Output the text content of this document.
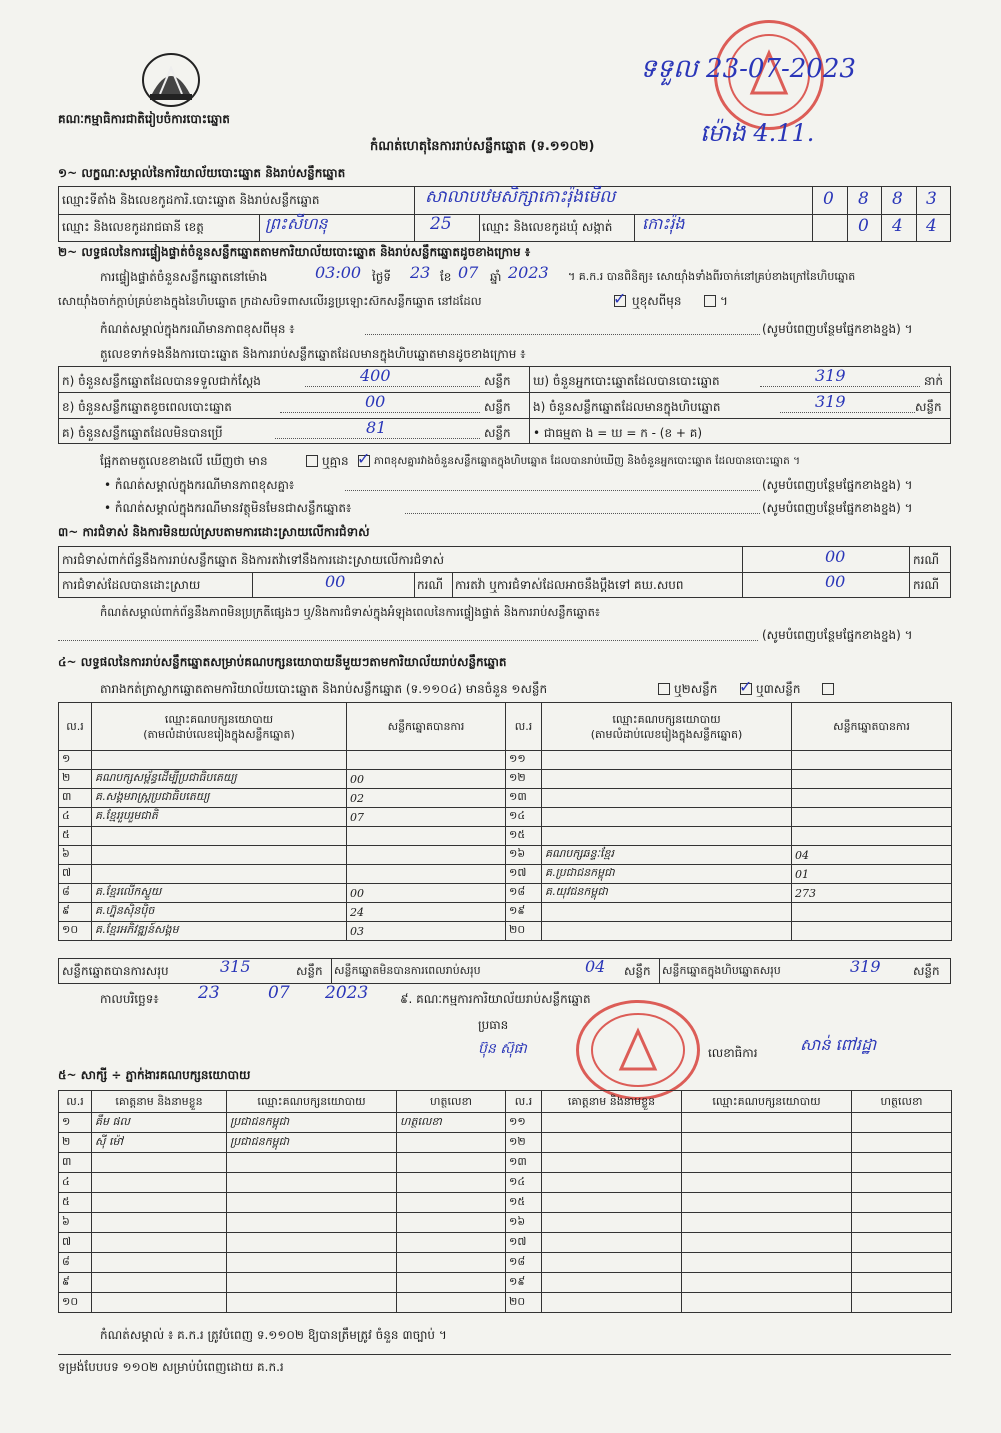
គណៈកម្មាធិការជាតិរៀបចំការបោះឆ្នោត
ទទួល 23-07-2023
ម៉ោង 4.11.
កំណត់ហេតុនៃការរាប់សន្លឹកឆ្នោត (ទ.១១០២)
១~ លក្ខណៈសម្គាល់នៃការិយាល័យបោះឆ្នោត និងរាប់សន្លឹកឆ្នោត
ឈ្មោះទីតាំង និងលេខកូដការិ.បោះឆ្នោត និងរាប់សន្លឹកឆ្នោត	សាលាបឋមសិក្សាកោះរ៉ុងមើល	0 8 8 3
ឈ្មោះ និងលេខកូដរាជធានី ខេត្ត	ព្រះសីហនុ	25	ឈ្មោះ និងលេខកូដឃុំ សង្កាត់ កោះរ៉ុង	0 4 4
២~ លទ្ធផលនៃការផ្ទៀងផ្ទាត់ចំនួនសន្លឹកឆ្នោតតាមការិយាល័យបោះឆ្នោត និងរាប់សន្លឹកឆ្នោតដូចខាងក្រោម ៖
ការផ្ទៀងផ្ទាត់ចំនួនសន្លឹកឆ្នោតនៅម៉ោង	03:00 ថ្ងៃទី 23 ខែ 07 ឆ្នាំ 2023 ។ គ.ក.រ បានពិនិត្យ៖ សោយ៉ាំងទាំងពីរចាក់នៅគ្រប់ខាងក្រៅនៃហិបឆ្នោត
សោយ៉ាំងចាក់ក្តាប់គ្រប់ខាងក្នុងនៃហិបឆ្នោត ក្រដាសបិទពាសលើរន្ធប្រឡោះស៊កសន្លឹកឆ្នោត នៅដដែល	✓ ឬខុសពីមុន	។
កំណត់សម្គាល់ក្នុងករណីមានភាពខុសពីមុន ៖	(សូមបំពេញបន្ថែមផ្នែកខាងខ្នង) ។
តួលេខទាក់ទងនឹងការបោះឆ្នោត និងការរាប់សន្លឹកឆ្នោតដែលមានក្នុងហិបឆ្នោតមានដូចខាងក្រោម ៖
ក) ចំនួនសន្លឹកឆ្នោតដែលបានទទួលជាក់ស្តែង	400	សន្លឹក ឃ) ចំនួនអ្នកបោះឆ្នោតដែលបានបោះឆ្នោត	319	នាក់
ខ) ចំនួនសន្លឹកឆ្នោតខូចពេលបោះឆ្នោត	00	សន្លឹក ង) ចំនួនសន្លឹកឆ្នោតដែលមានក្នុងហិបឆ្នោត	319	សន្លឹក
គ) ចំនួនសន្លឹកឆ្នោតដែលមិនបានប្រើ	81	សន្លឹក • ជាធម្មតា ង = ឃ = ក - (ខ + គ)
ផ្អែកតាមតួលេខខាងលើ ឃើញថា មាន	ឬគ្មាន ✓ ភាពខុសគ្នារវាងចំនួនសន្លឹកឆ្នោតក្នុងហិបឆ្នោត ដែលបានរាប់ឃើញ និងចំនួនអ្នកបោះឆ្នោត ដែលបានបោះឆ្នោត ។
• កំណត់សម្គាល់ក្នុងករណីមានភាពខុសគ្នា៖	(សូមបំពេញបន្ថែមផ្នែកខាងខ្នង) ។
• កំណត់សម្គាល់ក្នុងករណីមានវត្ថុមិនមែនជាសន្លឹកឆ្នោត៖	(សូមបំពេញបន្ថែមផ្នែកខាងខ្នង) ។
៣~ ការជំទាស់ និងការមិនយល់ស្របតាមការដោះស្រាយលើការជំទាស់
ការជំទាស់ពាក់ព័ន្ធនឹងការរាប់សន្លឹកឆ្នោត និងការតវ៉ាទៅនឹងការដោះស្រាយលើការជំទាស់	00	ករណី
ការជំទាស់ដែលបានដោះស្រាយ	00	ករណី ការតវ៉ា ឬការជំទាស់ដែលអាចនឹងប្តឹងទៅ គឃ.សបព	00	ករណី
កំណត់សម្គាល់ពាក់ព័ន្ធនឹងភាពមិនប្រក្រតីផ្សេងៗ ឬ/និងការជំទាស់ក្នុងអំឡុងពេលនៃការផ្ទៀងផ្ទាត់ និងការរាប់សន្លឹកឆ្នោត៖
(សូមបំពេញបន្ថែមផ្នែកខាងខ្នង) ។
៤~ លទ្ធផលនៃការរាប់សន្លឹកឆ្នោតសម្រាប់គណបក្សនយោបាយនីមួយៗតាមការិយាល័យរាប់សន្លឹកឆ្នោត
តារាងកត់ត្រាស្លាកឆ្នោតតាមការិយាល័យបោះឆ្នោត និងរាប់សន្លឹកឆ្នោត (ទ.១១០៤) មានចំនួន ១សន្លឹក	ឬ២សន្លឹក ✓ ឬ៣សន្លឹក
ល.រ	ឈ្មោះគណបក្សនយោបាយ
(តាមលំដាប់លេខរៀងក្នុងសន្លឹកឆ្នោត)	សន្លឹកឆ្នោតបានការ
១		
២	គណបក្សសម្ព័ន្ធដើម្បីប្រជាធិបតេយ្យ	00
៣	គ.សង្គមរាស្ត្រប្រជាធិបតេយ្យ	02
៤	គ.ខ្មែររួបរួមជាតិ	07
៥		
៦		
៧		
៨	គ.ខ្មែរលើកស្ទួយ	00
៩	គ.ហ្វ៊ុនស៊ិនប៉ិច	24
១០	គ.ខ្មែរអភិវឌ្ឍន៍សង្គម	03
ល.រ	ឈ្មោះគណបក្សនយោបាយ
(តាមលំដាប់លេខរៀងក្នុងសន្លឹកឆ្នោត)	សន្លឹកឆ្នោតបានការ
១១		
១២		
១៣		
១៤		
១៥		
១៦	គណបក្សឆន្ទៈខ្មែរ	04
១៧	គ.ប្រជាជនកម្ពុជា	01
១៨	គ.យុវជនកម្ពុជា	273
១៩		
២០		
សន្លឹកឆ្នោតបានការសរុប	315	សន្លឹក សន្លឹកឆ្នោតមិនបានការពេលរាប់សរុប	04 សន្លឹក សន្លឹកឆ្នោតក្នុងហិបឆ្នោតសរុប	319	សន្លឹក
កាលបរិច្ឆេទ៖ 23	07 2023	៩. គណៈកម្មការការិយាល័យរាប់សន្លឹកឆ្នោត
ប្រធាន
ប៊ុន ស៊ុផា	លេខាធិការ	សាន់ ពៅរដ្ឋា
៥~ សាក្សី ÷ ភ្នាក់ងារគណបក្សនយោបាយ
ល.រ	គោត្តនាម និងនាមខ្លួន	ឈ្មោះគណបក្សនយោបាយ	ហត្ថលេខា
១	គឹម ផល	ប្រជាជនកម្ពុជា	ហត្ថលេខា
២	ស៊ី ម៉ៅ	ប្រជាជនកម្ពុជា	
៣			
៤			
៥			
៦			
៧			
៨			
៩			
១០			
ល.រ	គោត្តនាម និងនាមខ្លួន	ឈ្មោះគណបក្សនយោបាយ	ហត្ថលេខា
១១			
១២			
១៣			
១៤			
១៥			
១៦			
១៧			
១៨			
១៩			
២០			
កំណត់សម្គាល់ ៖ គ.ក.រ ត្រូវបំពេញ ទ.១១០២ ឱ្យបានត្រឹមត្រូវ ចំនួន ៣ច្បាប់ ។
ទម្រង់បែបបទ ១១០២ សម្រាប់បំពេញដោយ គ.ក.រ
